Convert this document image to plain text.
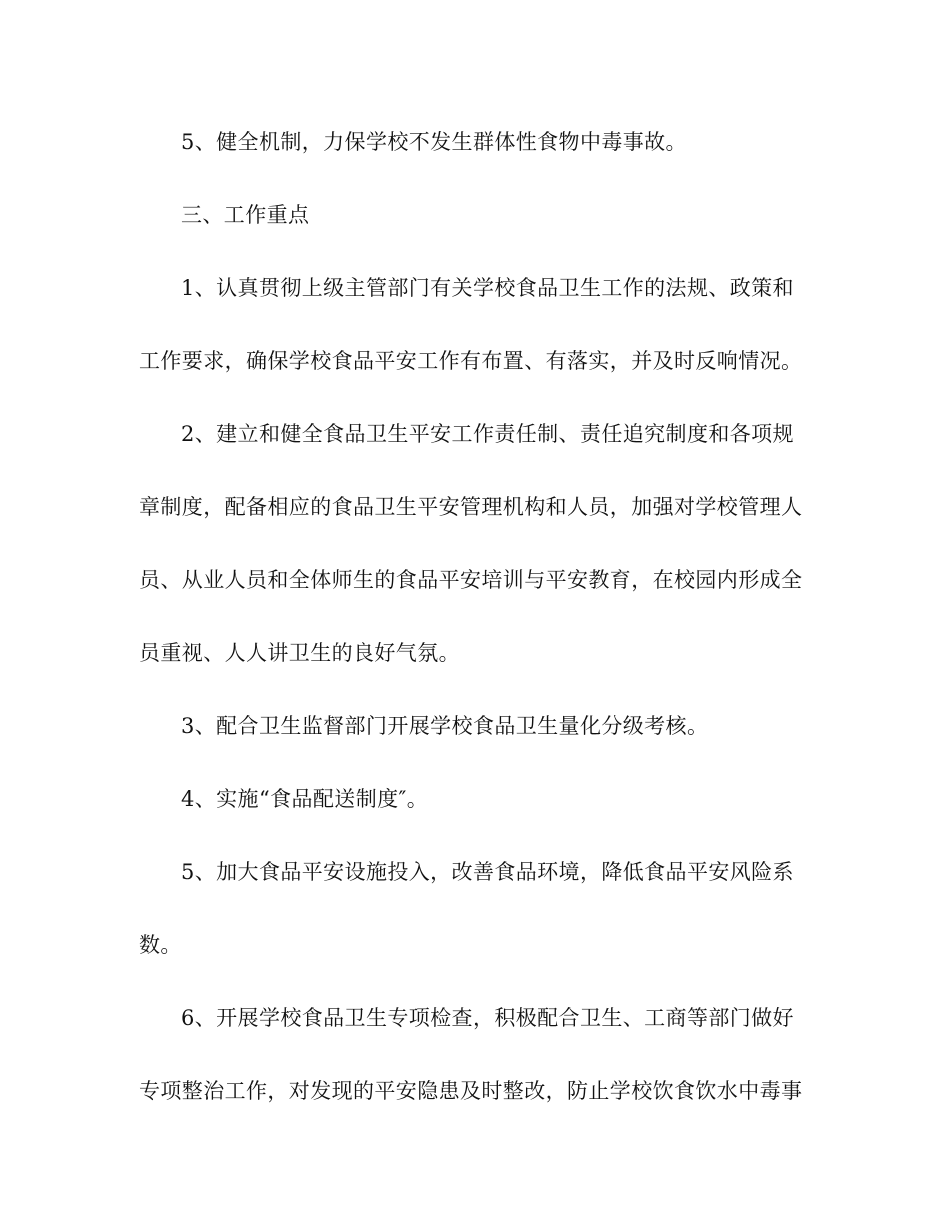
5、健全机制，力保学校不发生群体性食物中毒事故。
三、工作重点
1、认真贯彻上级主管部门有关学校食品卫生工作的法规、政策和
工作要求，确保学校食品平安工作有布置、有落实，并及时反响情况。
2、建立和健全食品卫生平安工作责任制、责任追究制度和各项规
章制度，配备相应的食品卫生平安管理机构和人员，加强对学校管理人
员、从业人员和全体师生的食品平安培训与平安教育，在校园内形成全
员重视、人人讲卫生的良好气氛。
3、配合卫生监督部门开展学校食品卫生量化分级考核。
4、实施“食品配送制度″。
5、加大食品平安设施投入，改善食品环境，降低食品平安风险系
数。
6、开展学校食品卫生专项检查，积极配合卫生、工商等部门做好
专项整治工作，对发现的平安隐患及时整改，防止学校饮食饮水中毒事
